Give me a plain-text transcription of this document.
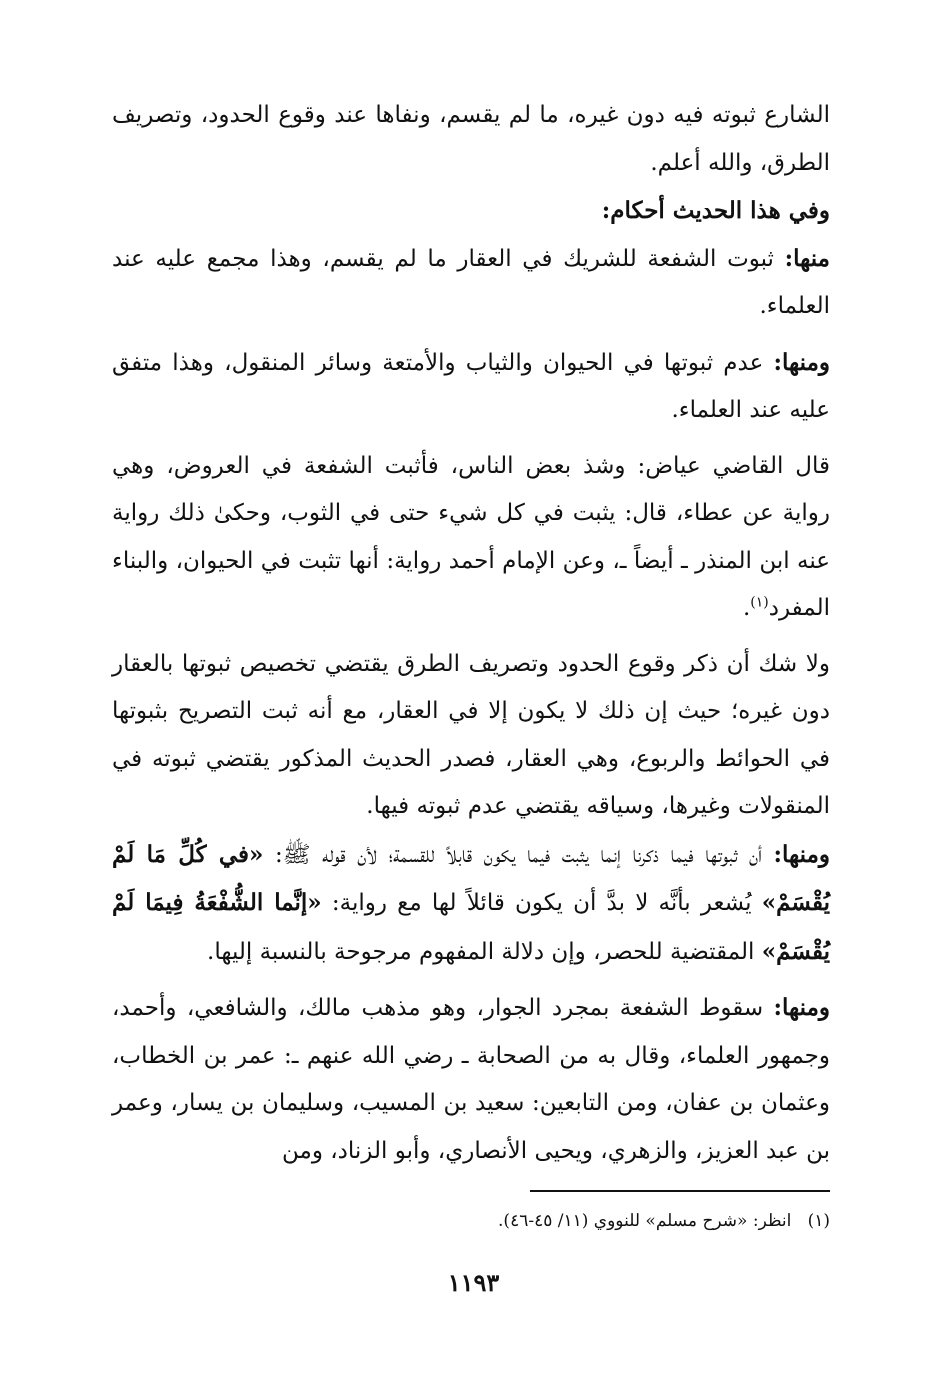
الشارع ثبوته فيه دون غيره، ما لم يقسم، ونفاها عند وقوع الحدود، وتصريف الطرق، والله أعلم.

وفي هذا الحديث أحكام:

منها: ثبوت الشفعة للشريك في العقار ما لم يقسم، وهذا مجمع عليه عند العلماء.

ومنها: عدم ثبوتها في الحيوان والثياب والأمتعة وسائر المنقول، وهذا متفق عليه عند العلماء.

قال القاضي عياض: وشذ بعض الناس، فأثبت الشفعة في العروض، وهي رواية عن عطاء، قال: يثبت في كل شيء حتى في الثوب، وحكىٰ ذلك رواية عنه ابن المنذر ـ أيضاً ـ، وعن الإمام أحمد رواية: أنها تثبت في الحيوان، والبناء المفرد$^{(١)}$.

ولا شك أن ذكر وقوع الحدود وتصريف الطرق يقتضي تخصيص ثبوتها بالعقار دون غيره؛ حيث إن ذلك لا يكون إلا في العقار، مع أنه ثبت التصريح بثبوتها في الحوائط والربوع، وهي العقار، فصدر الحديث المذكور يقتضي ثبوته في المنقولات وغيرها، وسياقه يقتضي عدم ثبوته فيها.

ومنها: أن ثبوتها فيما ذكرنا إنما يثبت فيما يكون قابلاً للقسمة؛ لأن قوله ﷺ: «في كُلِّ مَا لَمْ يُقْسَمْ» يُشعر بأنَّه لا بدَّ أن يكون قائلاً لها مع رواية: «إنَّما الشُّفْعَةُ فِيمَا لَمْ يُقْسَمْ» المقتضية للحصر، وإن دلالة المفهوم مرجوحة بالنسبة إليها.

ومنها: سقوط الشفعة بمجرد الجوار، وهو مذهب مالك، والشافعي، وأحمد، وجمهور العلماء، وقال به من الصحابة ـ رضي الله عنهم ـ: عمر بن الخطاب، وعثمان بن عفان، ومن التابعين: سعيد بن المسيب، وسليمان بن يسار، وعمر بن عبد العزيز، والزهري، ويحيى الأنصاري، وأبو الزناد، ومن

(١)   انظر: «شرح مسلم» للنووي (١١/ ٤٥-٤٦).
١١٩٣
